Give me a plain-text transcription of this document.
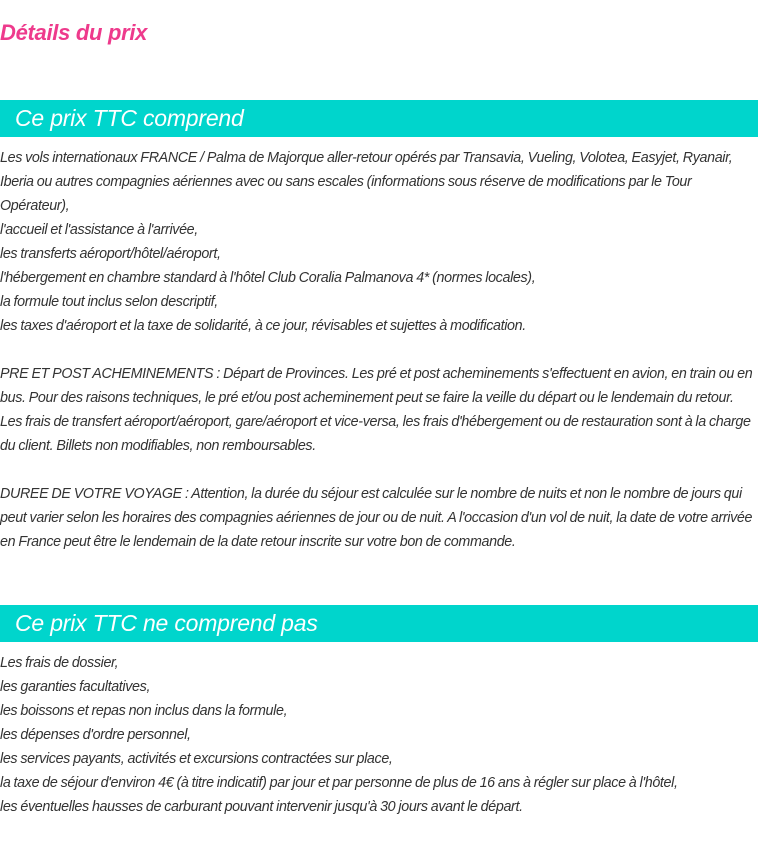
Détails du prix
Ce prix TTC comprend

Les vols internationaux FRANCE / Palma de Majorque aller-retour opérés par Transavia, Vueling, Volotea, Easyjet, Ryanair, Iberia ou autres compagnies aériennes avec ou sans escales (informations sous réserve de modifications par le Tour Opérateur),

l'accueil et l'assistance à l'arrivée,

les transferts aéroport/hôtel/aéroport,

l'hébergement en chambre standard à l'hôtel Club Coralia Palmanova 4* (normes locales),

la formule tout inclus selon descriptif,

les taxes d'aéroport et la taxe de solidarité, à ce jour, révisables et sujettes à modification.

PRE ET POST ACHEMINEMENTS : Départ de Provinces. Les pré et post acheminements s'effectuent en avion, en train ou en bus. Pour des raisons techniques, le pré et/ou post acheminement peut se faire la veille du départ ou le lendemain du retour. Les frais de transfert aéroport/aéroport, gare/aéroport et vice-versa, les frais d'hébergement ou de restauration sont à la charge du client. Billets non modifiables, non remboursables.

DUREE DE VOTRE VOYAGE : Attention, la durée du séjour est calculée sur le nombre de nuits et non le nombre de jours qui peut varier selon les horaires des compagnies aériennes de jour ou de nuit. A l'occasion d'un vol de nuit, la date de votre arrivée en France peut être le lendemain de la date retour inscrite sur votre bon de commande.

Ce prix TTC ne comprend pas

Les frais de dossier,

les garanties facultatives,

les boissons et repas non inclus dans la formule,

les dépenses d'ordre personnel,

les services payants, activités et excursions contractées sur place,

la taxe de séjour d'environ 4€ (à titre indicatif) par jour et par personne de plus de 16 ans à régler sur place à l'hôtel,

les éventuelles hausses de carburant pouvant intervenir jusqu'à 30 jours avant le départ.
